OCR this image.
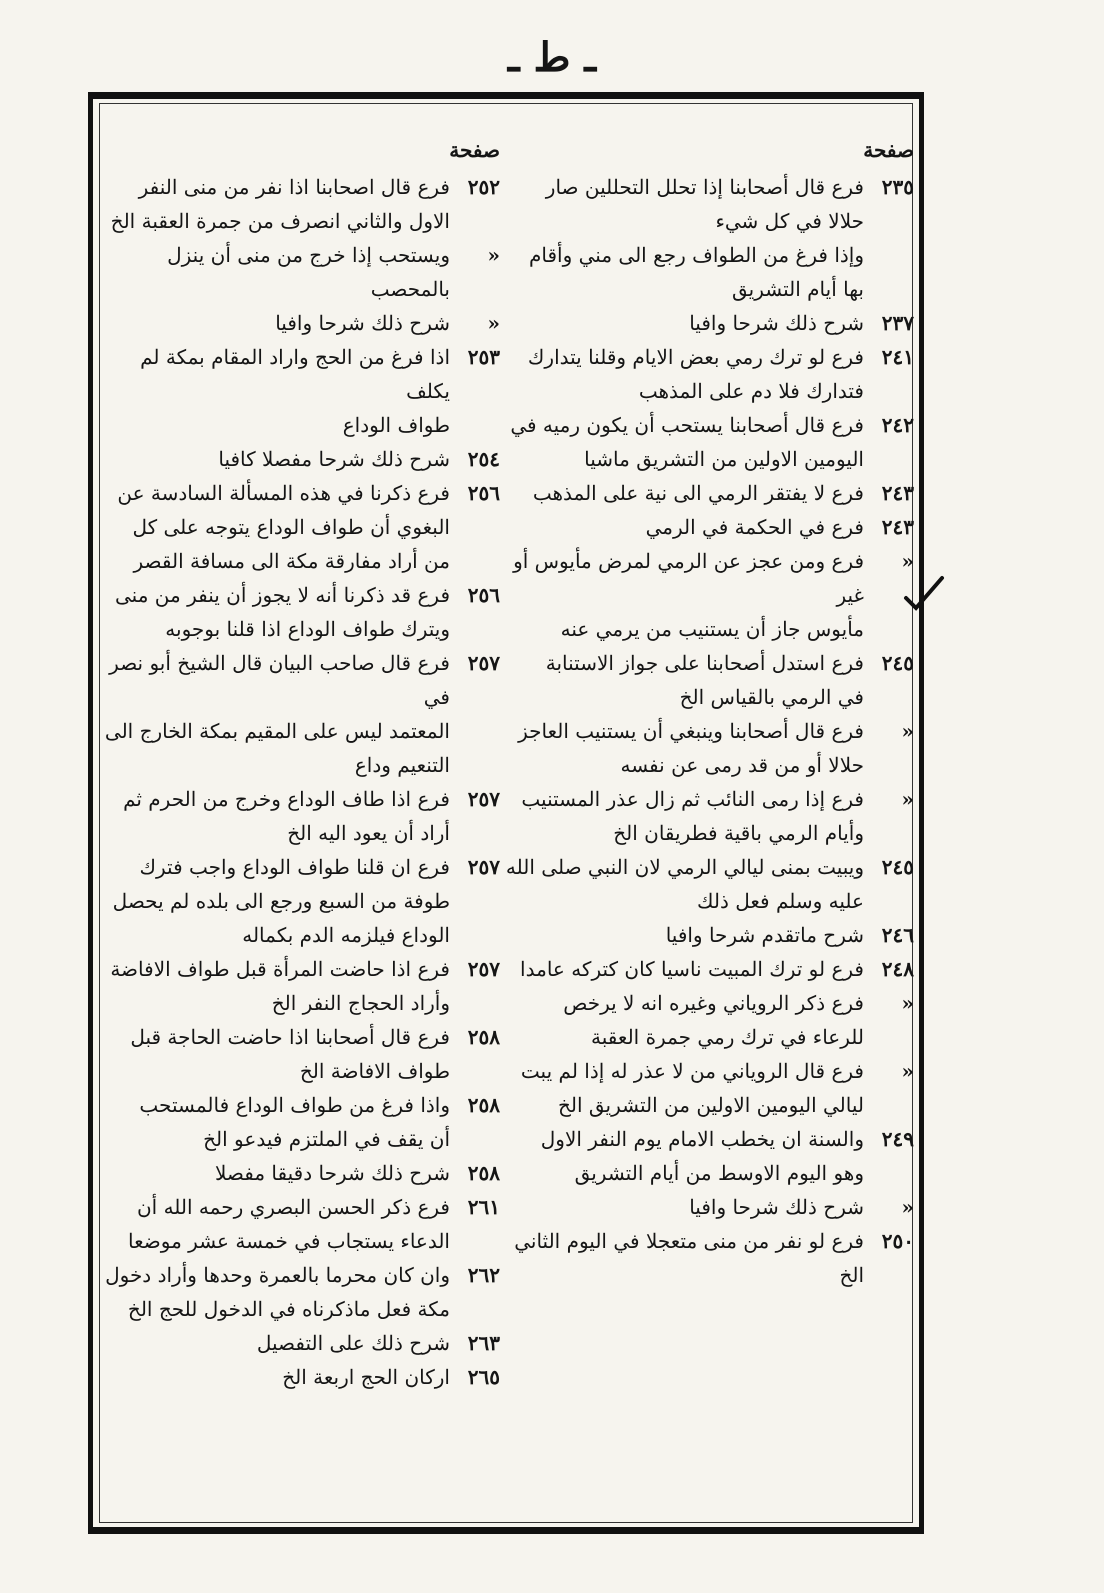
ـ ط ـ
صفحة
٢٣٥
فرع قال أصحابنا إذا تحلل التحللين صار
حلالا في كل شيء
وإذا فرغ من الطواف رجع الى مني وأقام
بها أيام التشريق
٢٣٧
شرح ذلك شرحا وافيا
٢٤١
فرع لو ترك رمي بعض الايام وقلنا يتدارك
فتدارك فلا دم على المذهب
٢٤٢
فرع قال أصحابنا يستحب أن يكون رميه في
اليومين الاولين من التشريق ماشيا
٢٤٣
فرع لا يفتقر الرمي الى نية على المذهب
٢٤٣
فرع في الحكمة في الرمي
«
فرع ومن عجز عن الرمي لمرض مأيوس أو غير
مأيوس جاز أن يستنيب من يرمي عنه
٢٤٥
فرع استدل أصحابنا على جواز الاستنابة
في الرمي بالقياس الخ
«
فرع قال أصحابنا وينبغي أن يستنيب العاجز
حلالا أو من قد رمى عن نفسه
«
فرع إذا رمى النائب ثم زال عذر المستنيب
وأيام الرمي باقية فطريقان الخ
٢٤٥
ويبيت بمنى ليالي الرمي لان النبي صلى الله
عليه وسلم فعل ذلك
٢٤٦
شرح ماتقدم شرحا وافيا
٢٤٨
فرع لو ترك المبيت ناسيا كان كتركه عامدا
«
فرع ذكر الروياني وغيره انه لا يرخص
للرعاء في ترك رمي جمرة العقبة
«
فرع قال الروياني من لا عذر له إذا لم يبت
ليالي اليومين الاولين من التشريق الخ
٢٤٩
والسنة ان يخطب الامام يوم النفر الاول
وهو اليوم الاوسط من أيام التشريق
«
شرح ذلك شرحا وافيا
٢٥٠
فرع لو نفر من منى متعجلا في اليوم الثاني الخ
صفحة
٢٥٢
فرع قال اصحابنا اذا نفر من منى النفر
الاول والثاني انصرف من جمرة العقبة الخ
«
ويستحب إذا خرج من منى أن ينزل بالمحصب
«
شرح ذلك شرحا وافيا
٢٥٣
اذا فرغ من الحج واراد المقام بمكة لم يكلف
طواف الوداع
٢٥٤
شرح ذلك شرحا مفصلا كافيا
٢٥٦
فرع ذكرنا في هذه المسألة السادسة عن
البغوي أن طواف الوداع يتوجه على كل
من أراد مفارقة مكة الى مسافة القصر
٢٥٦
فرع قد ذكرنا أنه لا يجوز أن ينفر من منى
ويترك طواف الوداع اذا قلنا بوجوبه
٢٥٧
فرع قال صاحب البيان قال الشيخ أبو نصر في
المعتمد ليس على المقيم بمكة الخارج الى التنعيم وداع
٢٥٧
فرع اذا طاف الوداع وخرج من الحرم ثم
أراد أن يعود اليه الخ
٢٥٧
فرع ان قلنا طواف الوداع واجب فترك
طوفة من السبع ورجع الى بلده لم يحصل
الوداع فيلزمه الدم بكماله
٢٥٧
فرع اذا حاضت المرأة قبل طواف الافاضة
وأراد الحجاج النفر الخ
٢٥٨
فرع قال أصحابنا اذا حاضت الحاجة قبل
طواف الافاضة الخ
٢٥٨
واذا فرغ من طواف الوداع فالمستحب
أن يقف في الملتزم فيدعو الخ
٢٥٨
شرح ذلك شرحا دقيقا مفصلا
٢٦١
فرع ذكر الحسن البصري رحمه الله أن
الدعاء يستجاب في خمسة عشر موضعا
٢٦٢
وان كان محرما بالعمرة وحدها وأراد دخول
مكة فعل ماذكرناه في الدخول للحج الخ
٢٦٣
شرح ذلك على التفصيل
٢٦٥
اركان الحج اربعة الخ
